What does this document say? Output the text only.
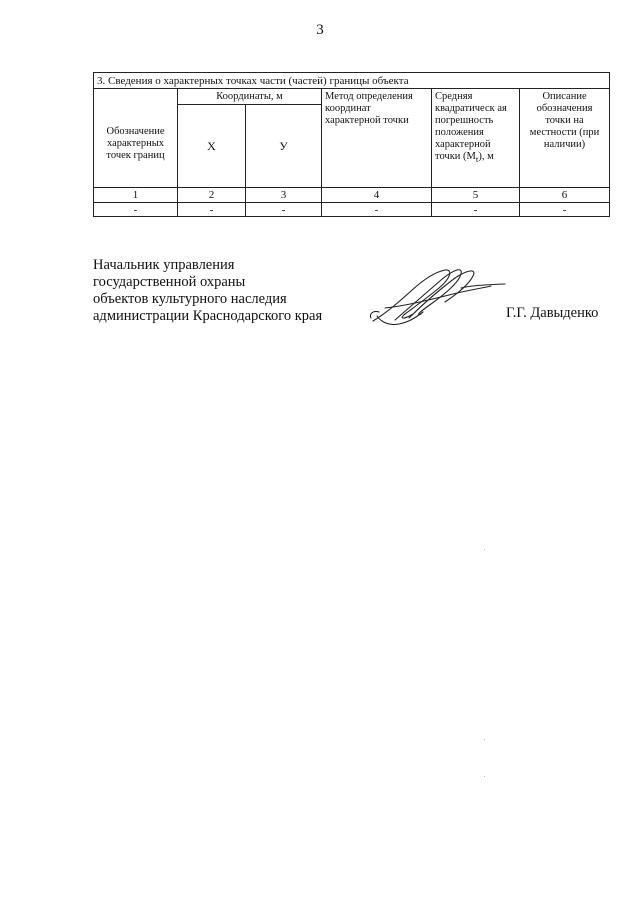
3
3. Сведения о характерных точках части (частей) границы объекта					
Обозначение характерных точек границ	Координаты, м		Метод определения координат характерной точки	Средняя квадратическ ая погрешность положения характерной точки $(М_t)$, м	Описание обозначения точки на местности (при наличии)
	Х	У			
1	2	3	4	5	6
-	-	-	-	-	-
Начальник управления
государственной охраны
объектов культурного наследия
администрации Краснодарского края	Г.Г. Давыденко
